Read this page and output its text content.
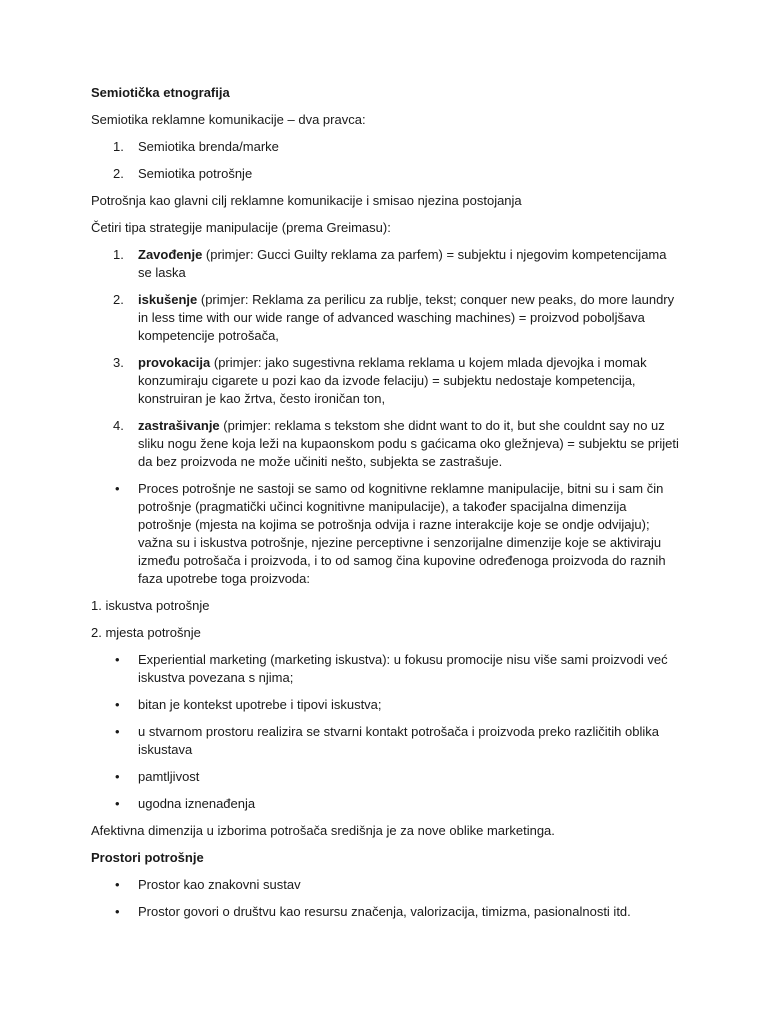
Semiotička etnografija

Semiotika reklamne komunikacije – dva pravca:

1. Semiotika brenda/marke
2. Semiotika potrošnje

Potrošnja kao glavni cilj reklamne komunikacije i smisao njezina postojanja

Četiri tipa strategije manipulacije (prema Greimasu):

1. Zavođenje (primjer: Gucci Guilty reklama za parfem) = subjektu i njegovim kompetencijama se laska
2. iskušenje (primjer: Reklama za perilicu za rublje, tekst; conquer new peaks, do more laundry in less time with our wide range of advanced wasching machines) = proizvod poboljšava kompetencije potrošača,
3. provokacija (primjer: jako sugestivna reklama reklama u kojem mlada djevojka i momak konzumiraju cigarete u pozi kao da izvode felaciju) = subjektu nedostaje kompetencija, konstruiran je kao žrtva, često ironičan ton,
4. zastrašivanje (primjer: reklama s tekstom she didnt want to do it, but she couldnt say no uz sliku nogu žene koja leži na kupaonskom podu s gaćicama oko gležnjeva) = subjektu se prijeti da bez proizvoda ne može učiniti nešto, subjekta se zastrašuje.
• Proces potrošnje ne sastoji se samo od kognitivne reklamne manipulacije, bitni su i sam čin potrošnje (pragmatički učinci kognitivne manipulacije), a također spacijalna dimenzija potrošnje (mjesta na kojima se potrošnja odvija i razne interakcije koje se ondje odvijaju); važna su i iskustva potrošnje, njezine perceptivne i senzorijalne dimenzije koje se aktiviraju između potrošača i proizvoda, i to od samog čina kupovine određenoga proizvoda do raznih faza upotrebe toga proizvoda:

1. iskustva potrošnje

2. mjesta potrošnje

• Experiential marketing (marketing iskustva): u fokusu promocije nisu više sami proizvodi već iskustva povezana s njima;
• bitan je kontekst upotrebe i tipovi iskustva;
• u stvarnom prostoru realizira se stvarni kontakt potrošača i proizvoda preko različitih oblika iskustava
• pamtljivost
• ugodna iznenađenja

Afektivna dimenzija u izborima potrošača središnja je za nove oblike marketinga.

Prostori potrošnje

• Prostor kao znakovni sustav
• Prostor govori o društvu kao resursu značenja, valorizacija, timizma, pasionalnosti itd.
